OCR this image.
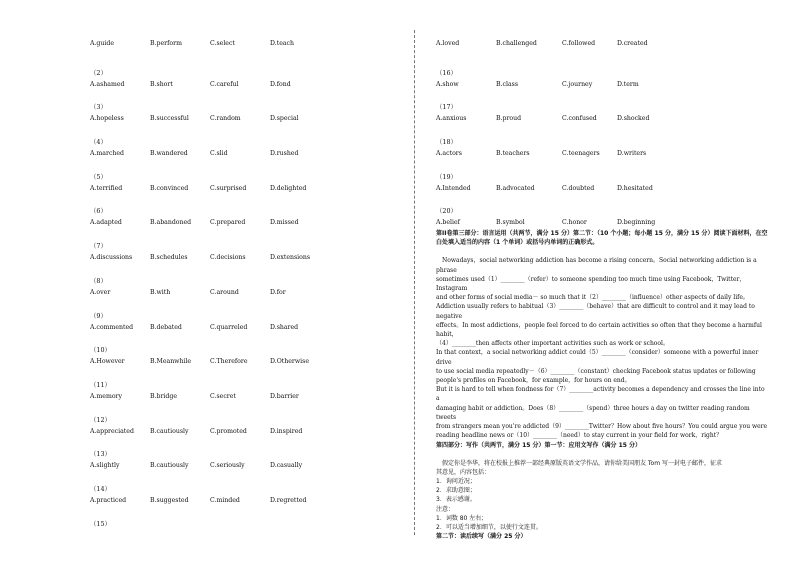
A.guide	B.perform	C.select	D.teach
（2）
A.ashamed	B.short	C.careful	D.fond
（3）
A.hopeless	B.successful	C.random	D.special
（4）
A.marched	B.wandered	C.slid	D.rushed
（5）
A.terrified	B.convinced	C.surprised	D.delighted
（6）
A.adapted	B.abandoned	C.prepared	D.missed
（7）
A.discussions	B.schedules	C.decisions	D.extensions
（8）
A.over	B.with	C.around	D.for
（9）
A.commented	B.debated	C.quarreled	D.shared
（10）
A.However	B.Meanwhile	C.Therefore	D.Otherwise
（11）
A.memory	B.bridge	C.secret	D.barrier
（12）
A.appreciated	B.cautiously	C.promoted	D.inspired
（13）
A.slightly	B.cautiously	C.seriously	D.casually
（14）
A.practiced	B.suggested	C.minded	D.regretted
（15）
A.loved	B.challenged	C.followed	D.created
（16）
A.show	B.class	C.journey	D.term
（17）
A.anxious	B.proud	C.confused	D.shocked
（18）
A.actors	B.teachers	C.teenagers	D.writers
（19）
A.Intended	B.advocated	C.doubted	D.hesitated
（20）
A.belief	B.symbol	C.honor	D.beginning

第II卷第三部分：语言运用（共两节，满分 15 分）第二节：（10 个小题；每小题 15 分，满分 15 分）阅读下面材料，在空白处填入适当的内容（1 个单词）或括号内单词的正确形式。

Nowadays，social networking addiction has become a rising concern。Social networking addiction is a phrase

sometimes used（1）________（refer）to someone spending too much time using Facebook，Twitter，Instagram

and other forms of social media－ so much that it（2）________（influence）other aspects of daily life。

Addiction usually refers to habitual（3）________（behave）that are difficult to control and it may lead to negative

effects。In most addictions，people feel forced to do certain activities so often that they become a harmful habit，

（4）________then affects other important activities such as work or school。

In that context，a social networking addict could（5）________（consider）someone with a powerful inner drive

to use social media repeatedly－（6）________（constant）checking Facebook status updates or following

people's profiles on Facebook，for example，for hours on end。

But it is hard to tell when fondness for（7）________activity becomes a dependency and crosses the line into a

damaging habit or addiction。Does（8）________（spend）three hours a day on twitter reading random tweets

from strangers mean you're addicted（9）________Twitter？How about five hours？You could argue you were

reading headline news or（10）________（need）to stay current in your field for work，right？

第四部分：写作（共两节，满分 15 分）第一节：应用文写作（满分 15 分）

假定你是李华，将在校报上推荐一部经典原版英语文学作品，请你给美国朋友 Tom 写一封电子邮件，征求

其意见，内容包括：

1．询问近况；

2．求助意图；

3．表示感谢。

注意：

1．词数 80 左右；

2．可以适当增加细节，以使行文连贯。

第二节：读后续写（满分 25 分）
